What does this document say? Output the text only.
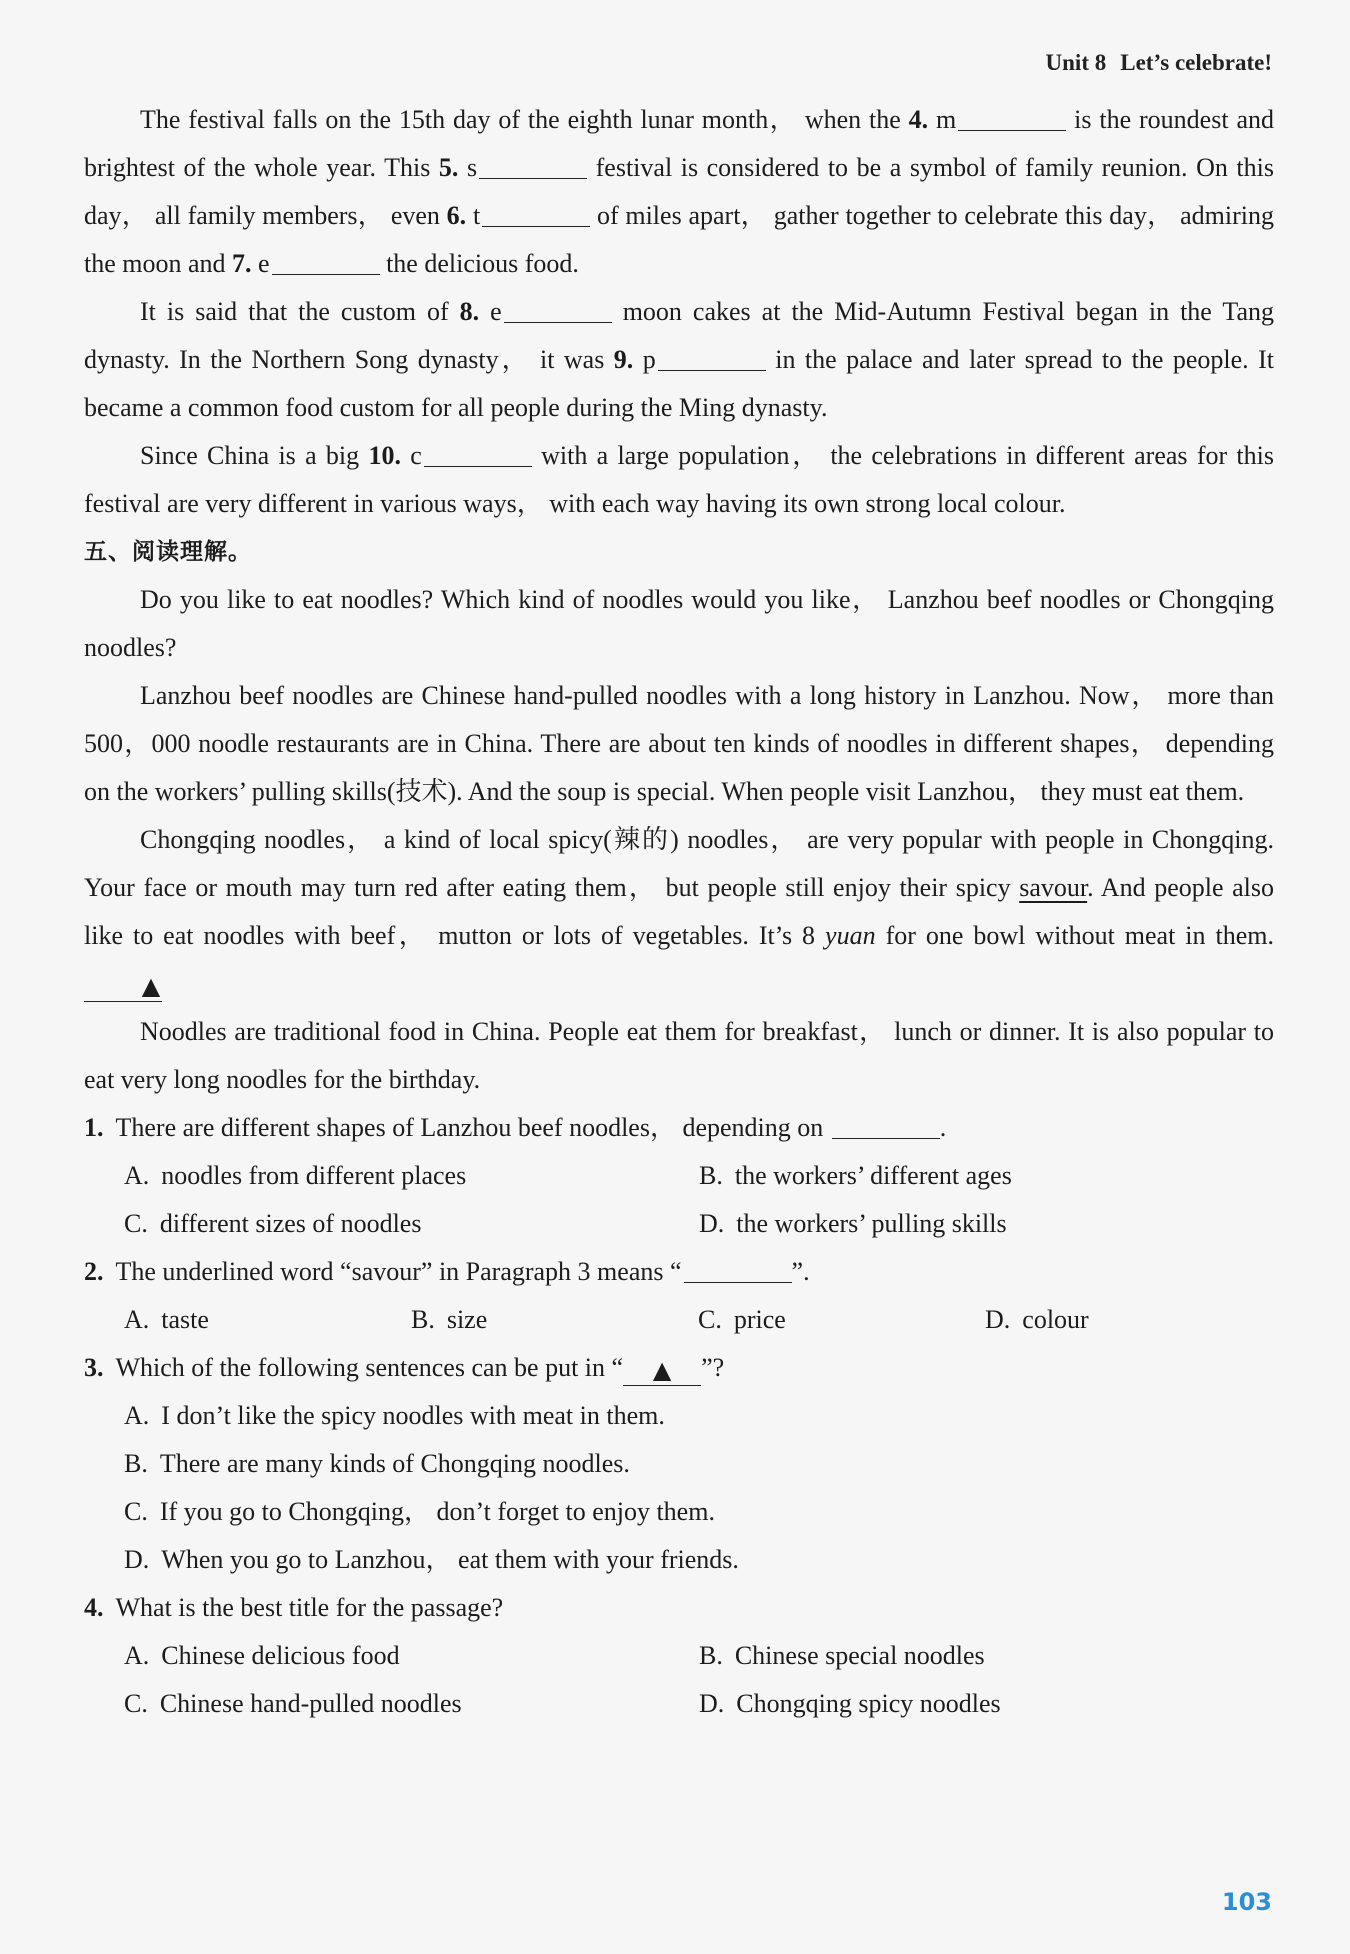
Unit 8 Let’s celebrate!

The festival falls on the 15th day of the eighth lunar month， when the 4. m	is the roundest and brightest of the whole year. This 5. s	festival is considered to be a symbol of family reunion. On this day， all family members， even 6. t	of miles apart， gather together to celebrate this day， admiring the moon and 7. e	the delicious food.

It is said that the custom of 8. e	moon cakes at the Mid-Autumn Festival began in the Tang dynasty. In the Northern Song dynasty， it was 9. p	in the palace and later spread to the people. It became a common food custom for all people during the Ming dynasty.

Since China is a big 10. c	with a large population， the celebrations in different areas for this festival are very different in various ways， with each way having its own strong local colour.

五、阅读理解。

Do you like to eat noodles? Which kind of noodles would you like， Lanzhou beef noodles or Chongqing noodles?

Lanzhou beef noodles are Chinese hand-pulled noodles with a long history in Lanzhou. Now， more than 500，000 noodle restaurants are in China. There are about ten kinds of noodles in different shapes， depending on the workers’ pulling skills(技术). And the soup is special. When people visit Lanzhou， they must eat them.

Chongqing noodles， a kind of local spicy(辣的) noodles， are very popular with people in Chongqing. Your face or mouth may turn red after eating them， but people still enjoy their spicy savour. And people also like to eat noodles with beef， mutton or lots of vegetables. It’s 8 yuan for one bowl without meat in them. ▲

Noodles are traditional food in China. People eat them for breakfast， lunch or dinner. It is also popular to eat very long noodles for the birthday.

1. There are different shapes of Lanzhou beef noodles， depending on	.
A. noodles from different places	B. the workers’ different ages
C. different sizes of noodles	D. the workers’ pulling skills
2. The underlined word “savour” in Paragraph 3 means “	”.
A. taste	B. size	C. price	D. colour
3. Which of the following sentences can be put in “ ▲ ”?
A. I don’t like the spicy noodles with meat in them.
B. There are many kinds of Chongqing noodles.
C. If you go to Chongqing， don’t forget to enjoy them.
D. When you go to Lanzhou， eat them with your friends.
4. What is the best title for the passage?
A. Chinese delicious food	B. Chinese special noodles
C. Chinese hand-pulled noodles	D. Chongqing spicy noodles
103
